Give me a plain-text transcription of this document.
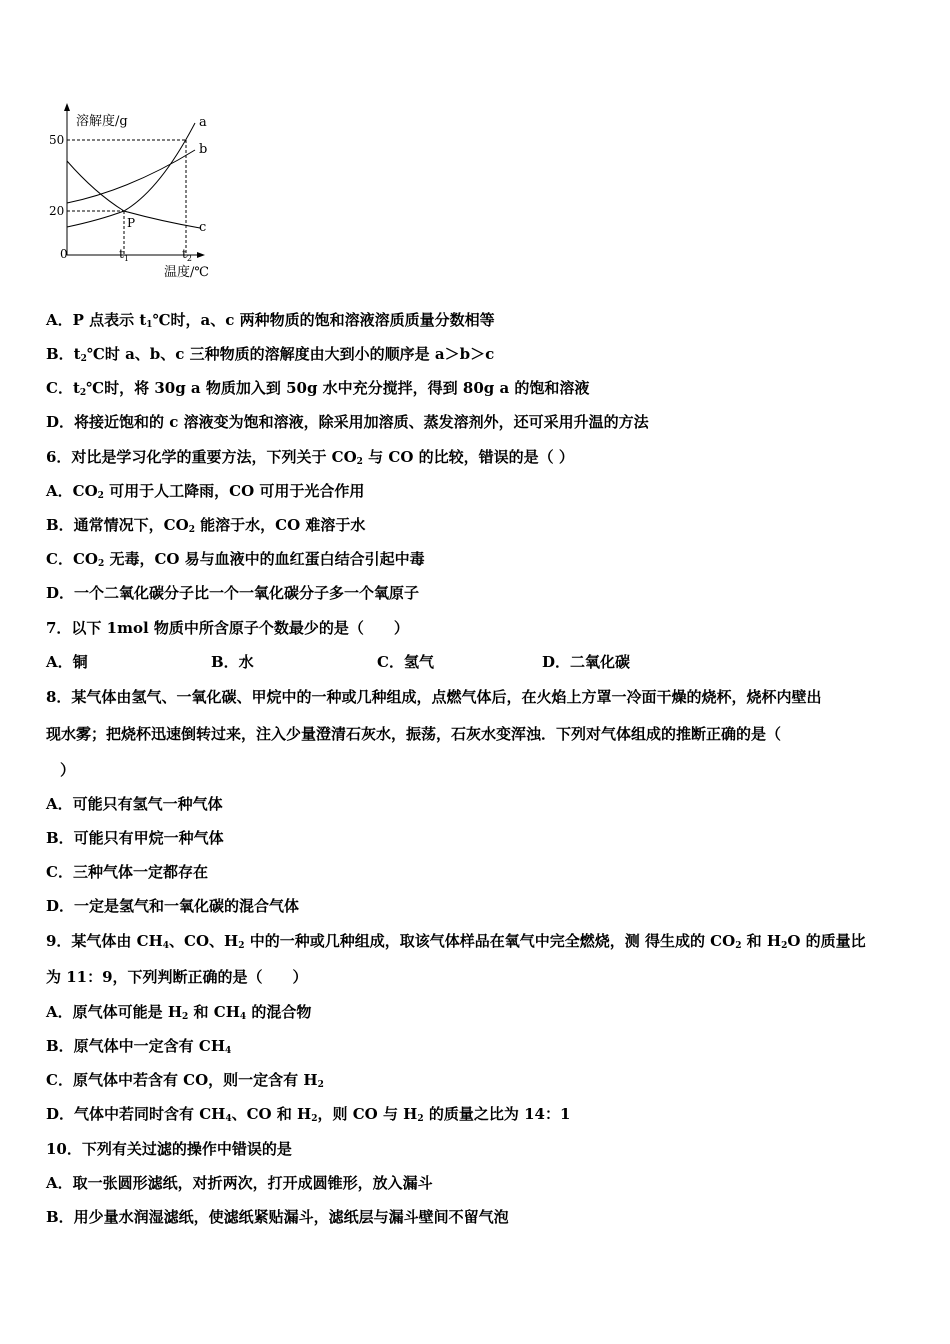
溶解度/g
温度/℃
50
20
0	$t_1$	$t_2$
P
a
b
c
A．P 点表示 $t_1℃$时，a、c 两种物质的饱和溶液溶质质量分数相等
B．$t_2℃$时 a、b、c 三种物质的溶解度由大到小的顺序是 a＞b＞c
C．$t_2℃$时，将 30g a 物质加入到 50g 水中充分搅拌，得到 80g a 的饱和溶液
D．将接近饱和的 c 溶液变为饱和溶液，除采用加溶质、蒸发溶剂外，还可采用升温的方法
6．对比是学习化学的重要方法，下列关于 $CO_2$ 与 CO 的比较，错误的是（ ）
A．$CO_2$ 可用于人工降雨，CO 可用于光合作用
B．通常情况下，$CO_2$ 能溶于水，CO 难溶于水
C．$CO_2$ 无毒，CO 易与血液中的血红蛋白结合引起中毒
D．一个二氧化碳分子比一个一氧化碳分子多一个氧原子
7．以下 1mol 物质中所含原子个数最少的是（　　）
A．铜	B．水	C．氢气	D．二氧化碳
8．某气体由氢气、一氧化碳、甲烷中的一种或几种组成，点燃气体后，在火焰上方罩一冷面干燥的烧杯，烧杯内壁出
现水雾；把烧杯迅速倒转过来，注入少量澄清石灰水，振荡，石灰水变浑浊．下列对气体组成的推断正确的是（
）
A．可能只有氢气一种气体
B．可能只有甲烷一种气体
C．三种气体一定都存在
D．一定是氢气和一氧化碳的混合气体
9．某气体由 $CH_4$、CO、$H_2$ 中的一种或几种组成，取该气体样品在氧气中完全燃烧，测 得生成的 $CO_2$ 和 $H_2O$ 的质量比
为 11：9，下列判断正确的是（　　）
A．原气体可能是 $H_2$ 和 $CH_4$ 的混合物
B．原气体中一定含有 $CH_4$
C．原气体中若含有 CO，则一定含有 $H_2$
D．气体中若同时含有 $CH_4$、CO 和 $H_2$，则 CO 与 $H_2$ 的质量之比为 14：1
10．下列有关过滤的操作中错误的是
A．取一张圆形滤纸，对折两次，打开成圆锥形，放入漏斗
B．用少量水润湿滤纸，使滤纸紧贴漏斗，滤纸层与漏斗壁间不留气泡
